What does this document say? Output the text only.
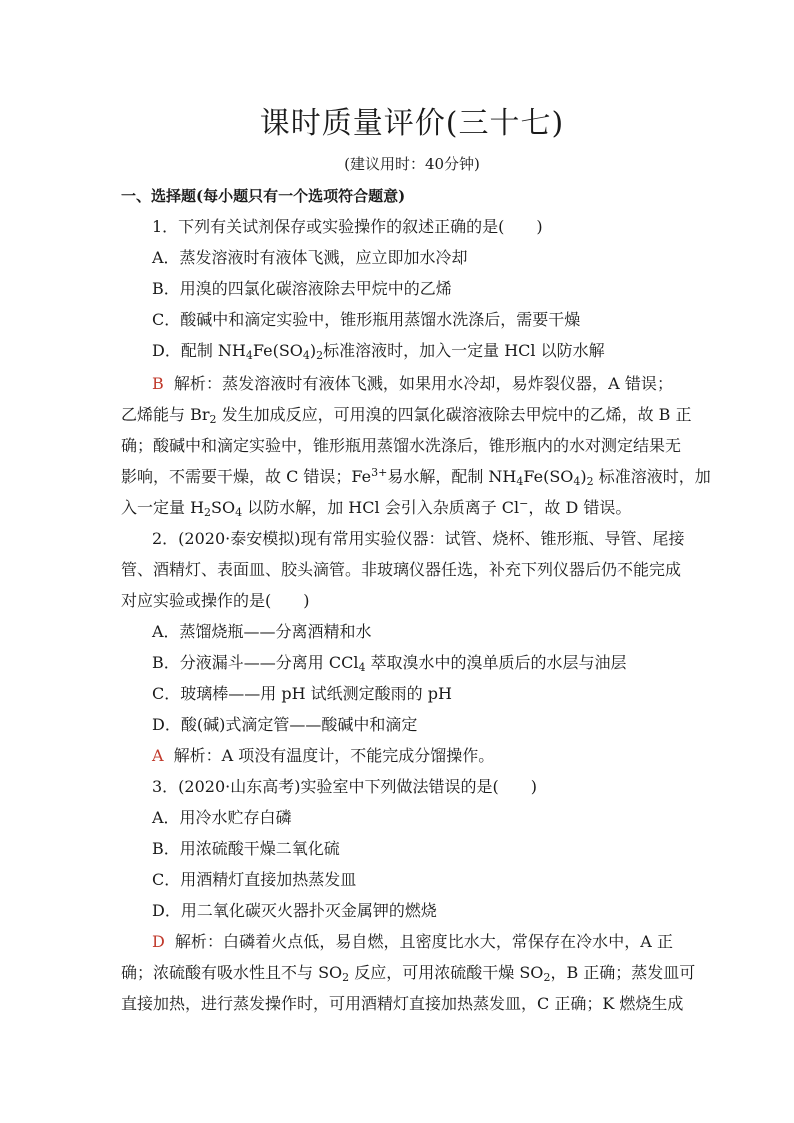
课时质量评价(三十七)
(建议用时：40分钟)
一、选择题(每小题只有一个选项符合题意)
1．下列有关试剂保存或实验操作的叙述正确的是(　　)
A．蒸发溶液时有液体飞溅，应立即加水冷却
B．用溴的四氯化碳溶液除去甲烷中的乙烯
C．酸碱中和滴定实验中，锥形瓶用蒸馏水洗涤后，需要干燥
D．配制 $NH_4Fe(SO_4)_2$标准溶液时，加入一定量 HCl 以防水解
B 解析：蒸发溶液时有液体飞溅，如果用水冷却，易炸裂仪器，A 错误；
乙烯能与 $Br_2$ 发生加成反应，可用溴的四氯化碳溶液除去甲烷中的乙烯，故 B 正
确；酸碱中和滴定实验中，锥形瓶用蒸馏水洗涤后，锥形瓶内的水对测定结果无
影响，不需要干燥，故 C 错误；$Fe^{3+}$易水解，配制 $NH_4Fe(SO_4)_2$ 标准溶液时，加
入一定量 $H_2SO_4$ 以防水解，加 HCl 会引入杂质离子 Cl−，故 D 错误。
2．(2020·泰安模拟)现有常用实验仪器：试管、烧杯、锥形瓶、导管、尾接
管、酒精灯、表面皿、胶头滴管。非玻璃仪器任选，补充下列仪器后仍不能完成
对应实验或操作的是(　　)
A．蒸馏烧瓶——分离酒精和水
B．分液漏斗——分离用 CCl$_4$ 萃取溴水中的溴单质后的水层与油层
C．玻璃棒——用 pH 试纸测定酸雨的 pH
D．酸(碱)式滴定管——酸碱中和滴定
A 解析：A 项没有温度计，不能完成分馏操作。
3．(2020·山东高考)实验室中下列做法错误的是(　　)
A．用冷水贮存白磷
B．用浓硫酸干燥二氧化硫
C．用酒精灯直接加热蒸发皿
D．用二氧化碳灭火器扑灭金属钾的燃烧
D 解析：白磷着火点低，易自燃，且密度比水大，常保存在冷水中，A 正
确；浓硫酸有吸水性且不与 $SO_2$ 反应，可用浓硫酸干燥 $SO_2$，B 正确；蒸发皿可
直接加热，进行蒸发操作时，可用酒精灯直接加热蒸发皿，C 正确；K 燃烧生成
